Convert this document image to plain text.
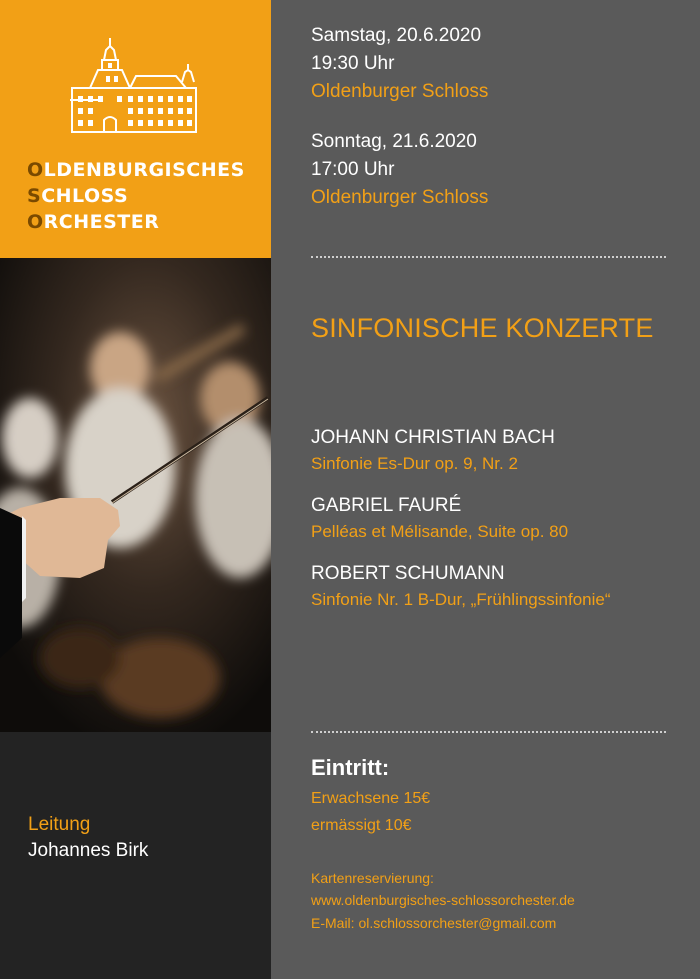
OLDENBURGISCHES
SCHLOSS
ORCHESTER
Leitung
Johannes Birk
Samstag, 20.6.2020
19:30 Uhr
Oldenburger Schloss
Sonntag, 21.6.2020
17:00 Uhr
Oldenburger Schloss
SINFONISCHE KONZERTE
JOHANN CHRISTIAN BACH
Sinfonie Es-Dur op. 9, Nr. 2
GABRIEL FAURÉ
Pelléas et Mélisande, Suite op. 80
ROBERT SCHUMANN
Sinfonie Nr. 1 B-Dur, „Frühlingssinfonie“
Eintritt:
Erwachsene 15€
ermässigt 10€
Kartenreservierung:
www.oldenburgisches-schlossorchester.de
E-Mail: ol.schlossorchester@gmail.com
